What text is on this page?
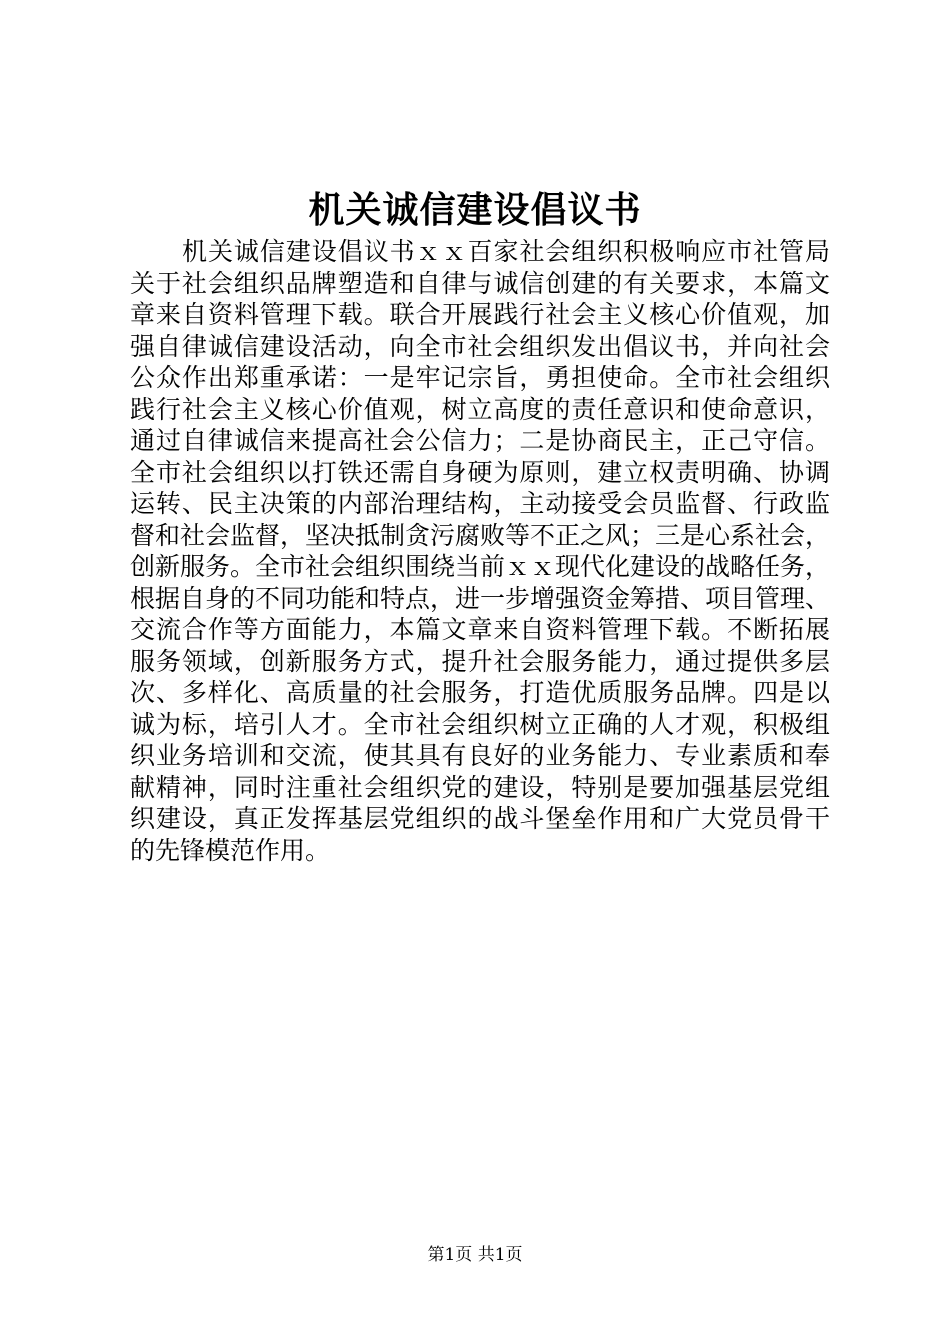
机关诚信建设倡议书
机关诚信建设倡议书ｘｘ百家社会组织积极响应市社管局
关于社会组织品牌塑造和自律与诚信创建的有关要求，本篇文
章来自资料管理下载。联合开展践行社会主义核心价值观，加
强自律诚信建设活动，向全市社会组织发出倡议书，并向社会
公众作出郑重承诺：一是牢记宗旨，勇担使命。全市社会组织
践行社会主义核心价值观，树立高度的责任意识和使命意识，
通过自律诚信来提高社会公信力；二是协商民主，正己守信。
全市社会组织以打铁还需自身硬为原则，建立权责明确、协调
运转、民主决策的内部治理结构，主动接受会员监督、行政监
督和社会监督，坚决抵制贪污腐败等不正之风；三是心系社会，
创新服务。全市社会组织围绕当前ｘｘ现代化建设的战略任务，
根据自身的不同功能和特点，进一步增强资金筹措、项目管理、
交流合作等方面能力，本篇文章来自资料管理下载。不断拓展
服务领域，创新服务方式，提升社会服务能力，通过提供多层
次、多样化、高质量的社会服务，打造优质服务品牌。四是以
诚为标，培引人才。全市社会组织树立正确的人才观，积极组
织业务培训和交流，使其具有良好的业务能力、专业素质和奉
献精神，同时注重社会组织党的建设，特别是要加强基层党组
织建设，真正发挥基层党组织的战斗堡垒作用和广大党员骨干
的先锋模范作用。
第1页 共1页
